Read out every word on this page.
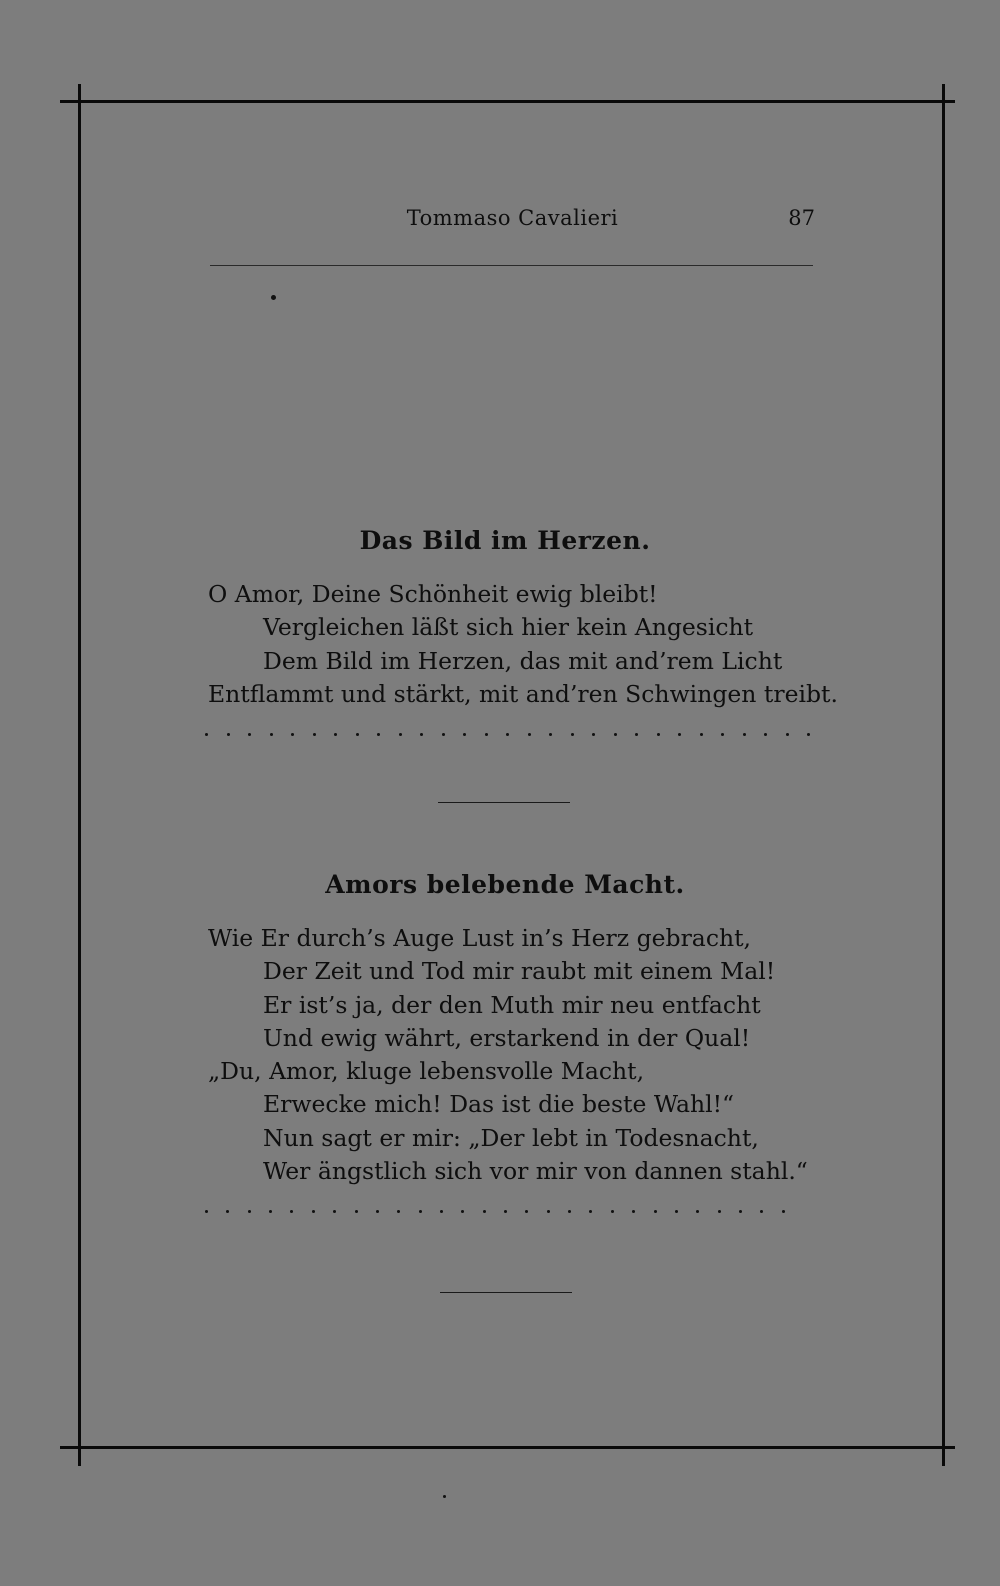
Tommaso Cavalieri	87
Das Bild im Herzen.
O Amor, Deine Schönheit ewig bleibt!
Vergleichen läßt sich hier kein Angesicht
Dem Bild im Herzen, das mit and’rem Licht
Entflammt und stärkt, mit and’ren Schwingen treibt.
Amors belebende Macht.
Wie Er durch’s Auge Lust in’s Herz gebracht,
Der Zeit und Tod mir raubt mit einem Mal!
Er ist’s ja, der den Muth mir neu entfacht
Und ewig währt, erstarkend in der Qual!
„Du, Amor, kluge lebensvolle Macht,
Erwecke mich! Das ist die beste Wahl!“
Nun sagt er mir: „Der lebt in Todesnacht,
Wer ängstlich sich vor mir von dannen stahl.“
